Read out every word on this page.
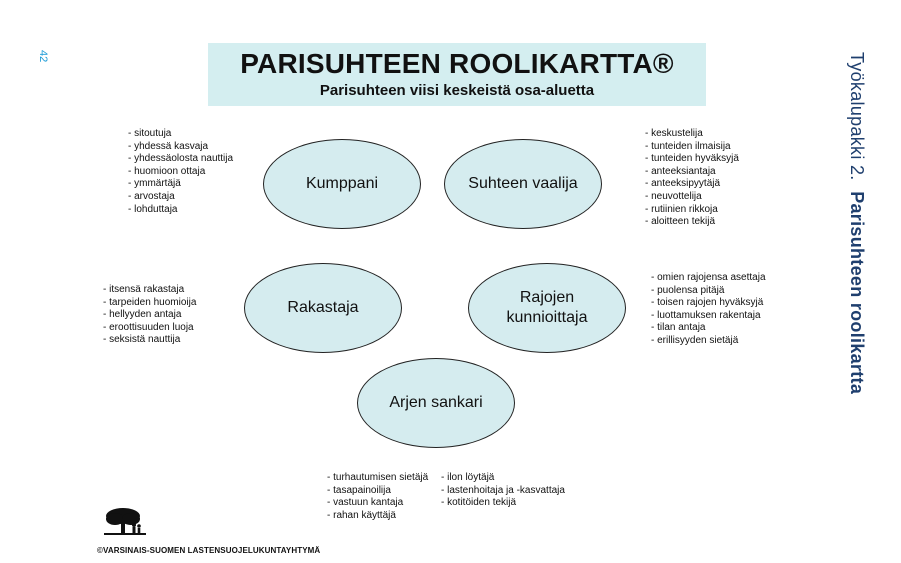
42	PARISUHTEEN ROOLIKARTTA®
Parisuhteen viisi keskeistä osa-aluetta	Työkalupakki 2.  Parisuhteen roolikartta
- sitoutuja
- yhdessä kasvaja
- yhdessäolosta nauttija
- huomioon ottaja
- ymmärtäjä
- arvostaja
- lohduttaja
Kumppani	Suhteen vaalija
- keskustelija
- tunteiden ilmaisija
- tunteiden hyväksyjä
- anteeksiantaja
- anteeksipyytäjä
- neuvottelija
- rutiinien rikkoja
- aloitteen tekijä
- itsensä rakastaja
- tarpeiden huomioija
- hellyyden antaja
- eroottisuuden luoja
- seksistä nauttija
Rakastaja
Rajojen
kunnioittaja
- omien rajojensa asettaja
- puolensa pitäjä
- toisen rajojen hyväksyjä
- luottamuksen rakentaja
- tilan antaja
- erillisyyden sietäjä
Arjen sankari
- turhautumisen sietäjä
- tasapainoilija
- vastuun kantaja
- rahan käyttäjä
- ilon löytäjä
- lastenhoitaja ja -kasvattaja
- kotitöiden tekijä
©VARSINAIS-SUOMEN LASTENSUOJELUKUNTAYHTYMÄ
